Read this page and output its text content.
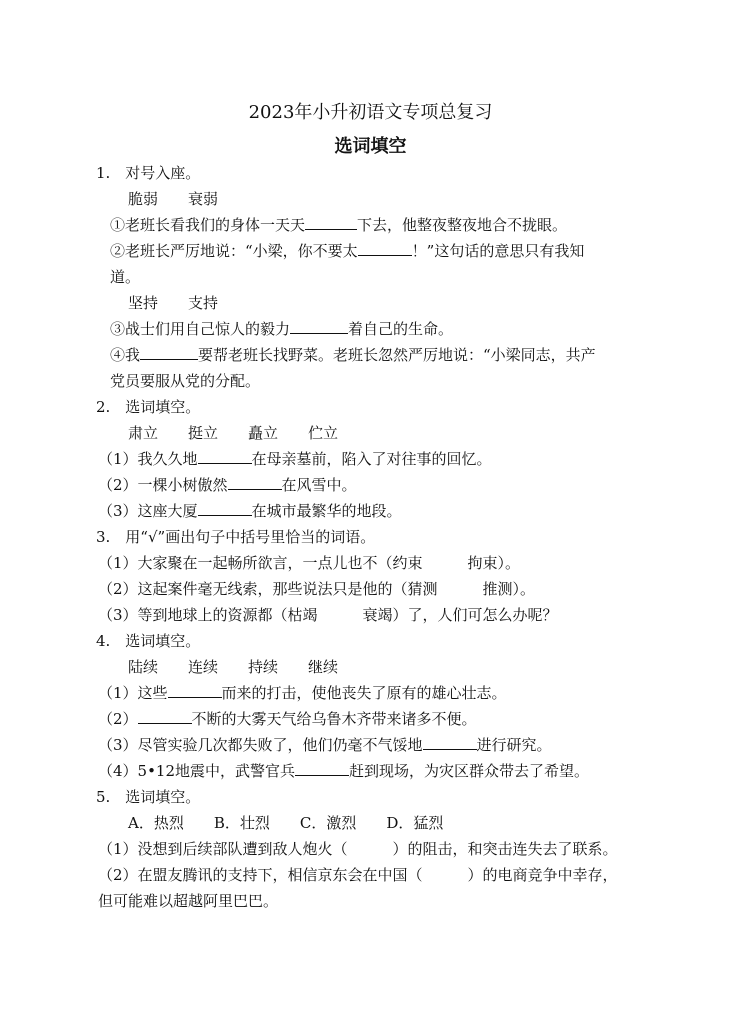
2023年小升初语文专项总复习
选词填空
1.　对号入座。
脆弱　　衰弱
①老班长看我们的身体一天天	下去，他整夜整夜地合不拢眼。
②老班长严厉地说：“小梁，你不要太	！”这句话的意思只有我知
道。
坚持　　支持
③战士们用自己惊人的毅力	着自己的生命。
④我	要帮老班长找野菜。老班长忽然严厉地说：“小梁同志，共产
党员要服从党的分配。
2.　选词填空。
肃立　　挺立　　矗立　　伫立
（1）我久久地	在母亲墓前，陷入了对往事的回忆。
（2）一棵小树傲然	在风雪中。
（3）这座大厦	在城市最繁华的地段。
3.　用“√”画出句子中括号里恰当的词语。
（1）大家聚在一起畅所欲言，一点儿也不（约束　　　拘束）。
（2）这起案件毫无线索，那些说法只是他的（猜测　　　推测）。
（3）等到地球上的资源都（枯竭　　　衰竭）了，人们可怎么办呢？
4.　选词填空。
陆续　　连续　　持续　　继续
（1）这些	而来的打击，使他丧失了原有的雄心壮志。
（2）	不断的大雾天气给乌鲁木齐带来诸多不便。
（3）尽管实验几次都失败了，他们仍毫不气馁地	进行研究。
（4）5•12地震中，武警官兵	赶到现场，为灾区群众带去了希望。
5.　选词填空。
A．热烈　　B．壮烈　　C．激烈　　D．猛烈
（1）没想到后续部队遭到敌人炮火（　　　）的阻击，和突击连失去了联系。
（2）在盟友腾讯的支持下，相信京东会在中国（　　　）的电商竞争中幸存，
但可能难以超越阿里巴巴。
